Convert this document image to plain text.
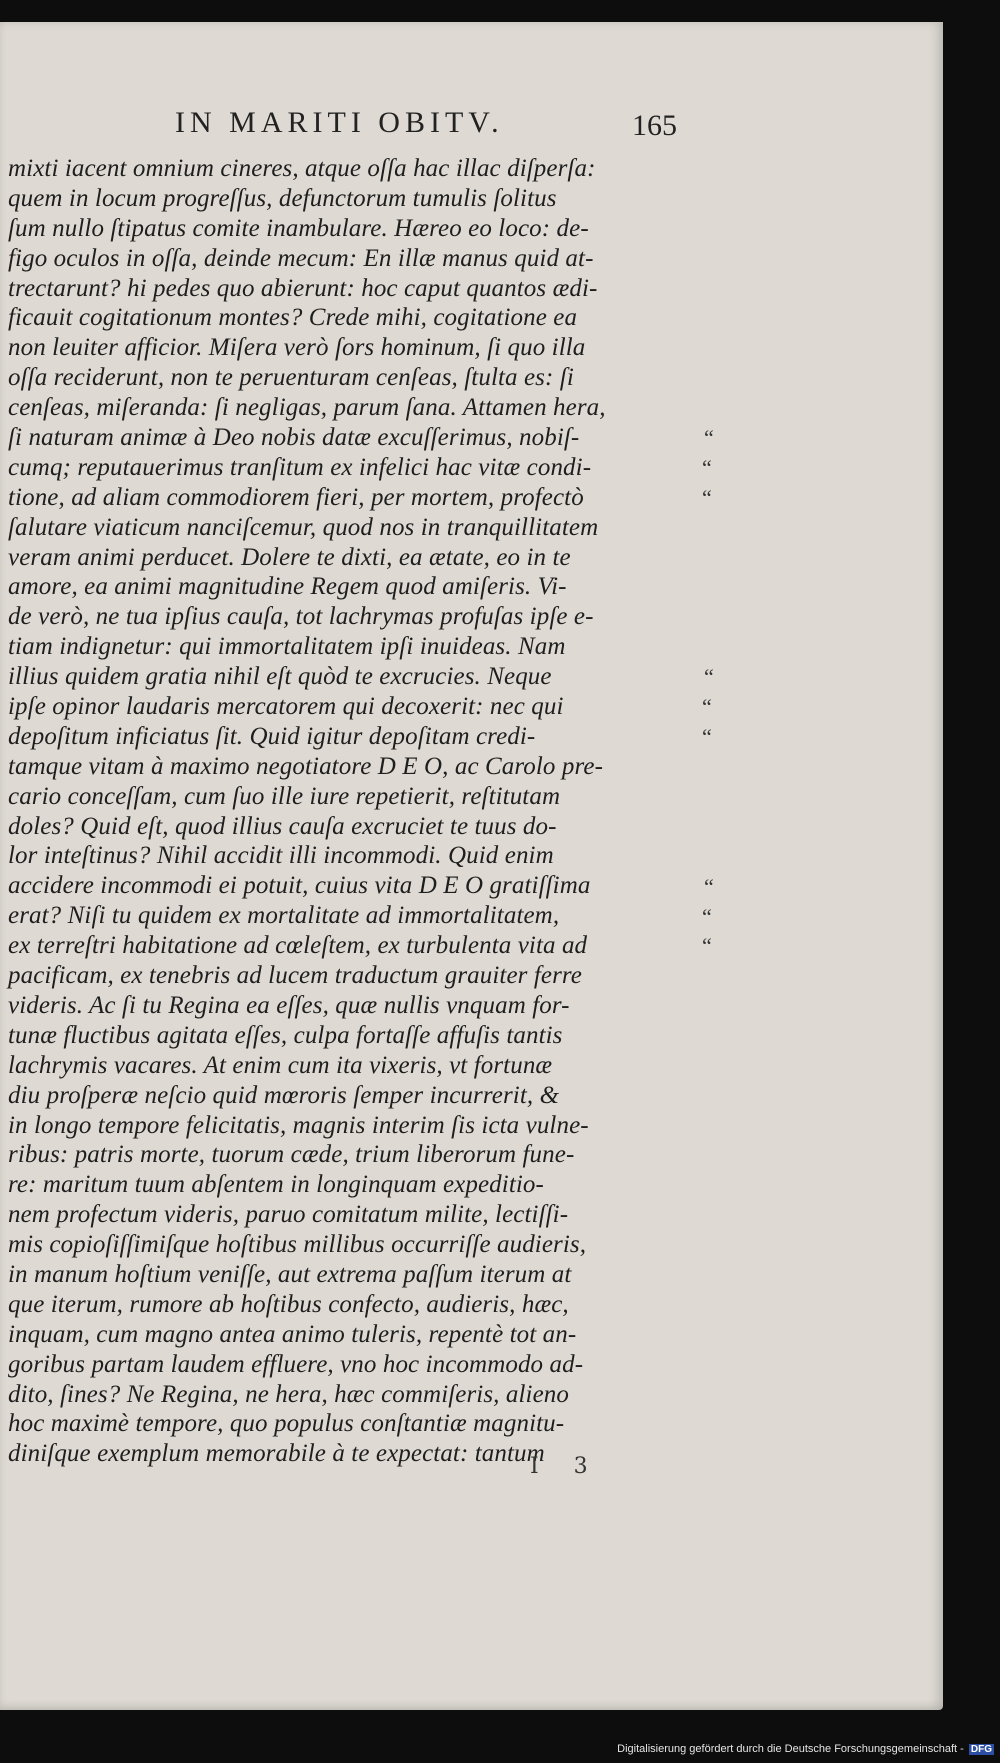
IN MARITI OBITV.	165
mixti iacent omnium cineres, atque oſſa hac illac diſperſa:
quem in locum progreſſus, defunctorum tumulis ſolitus
ſum nullo ſtipatus comite inambulare. Hæreo eo loco: de-
figo oculos in oſſa, deinde mecum: En illæ manus quid at-
trectarunt? hi pedes quo abierunt: hoc caput quantos ædi-
ficauit cogitationum montes? Crede mihi, cogitatione ea
non leuiter afficior. Miſera verò ſors hominum, ſi quo illa
oſſa reciderunt, non te peruenturam cenſeas, ſtulta es: ſi
cenſeas, miſeranda: ſi negligas, parum ſana. Attamen hera,
ſi naturam animæ à Deo nobis datæ excuſſerimus, nobiſ-
cumq; reputauerimus tranſitum ex infelici hac vitæ condi-
tione, ad aliam commodiorem fieri, per mortem, profectò
ſalutare viaticum nanciſcemur, quod nos in tranquillitatem
veram animi perducet. Dolere te dixti, ea ætate, eo in te
amore, ea animi magnitudine Regem quod amiſeris. Vi-
de verò, ne tua ipſius cauſa, tot lachrymas profuſas ipſe e-
tiam indignetur: qui immortalitatem ipſi inuideas. Nam
illius quidem gratia nihil eſt quòd te excrucies. Neque
ipſe opinor laudaris mercatorem qui decoxerit: nec qui
depoſitum inficiatus ſit. Quid igitur depoſitam credi-
tamque vitam à maximo negotiatore D E O, ac Carolo pre-
cario conceſſam, cum ſuo ille iure repetierit, reſtitutam
doles? Quid eſt, quod illius cauſa excruciet te tuus do-
lor inteſtinus? Nihil accidit illi incommodi. Quid enim
accidere incommodi ei potuit, cuius vita D E O gratiſſima
erat? Niſi tu quidem ex mortalitate ad immortalitatem,
ex terreſtri habitatione ad cœleſtem, ex turbulenta vita ad
pacificam, ex tenebris ad lucem traductum grauiter ferre
videris. Ac ſi tu Regina ea eſſes, quæ nullis vnquam for-
tunæ fluctibus agitata eſſes, culpa fortaſſe affuſis tantis
lachrymis vacares. At enim cum ita vixeris, vt fortunæ
diu proſperæ neſcio quid mœroris ſemper incurrerit, &
in longo tempore felicitatis, magnis interim ſis icta vulne-
ribus: patris morte, tuorum cæde, trium liberorum fune-
re: maritum tuum abſentem in longinquam expeditio-
nem profectum videris, paruo comitatum milite, lectiſſi-
mis copioſiſſimiſque hoſtibus millibus occurriſſe audieris,
in manum hoſtium veniſſe, aut extrema paſſum iterum at
que iterum, rumore ab hoſtibus confecto, audieris, hæc,
inquam, cum magno antea animo tuleris, repentè tot an-
goribus partam laudem effluere, vno hoc incommodo ad-
dito, ſines? Ne Regina, ne hera, hæc commiſeris, alieno
hoc maximè tempore, quo populus conſtantiæ magnitu-
diniſque exemplum memorabile à te expectat: tantum
“
“
“
“
“
“
“
“
“
I 3
Digitalisierung gefördert durch die Deutsche Forschungsgemeinschaft - DFG
